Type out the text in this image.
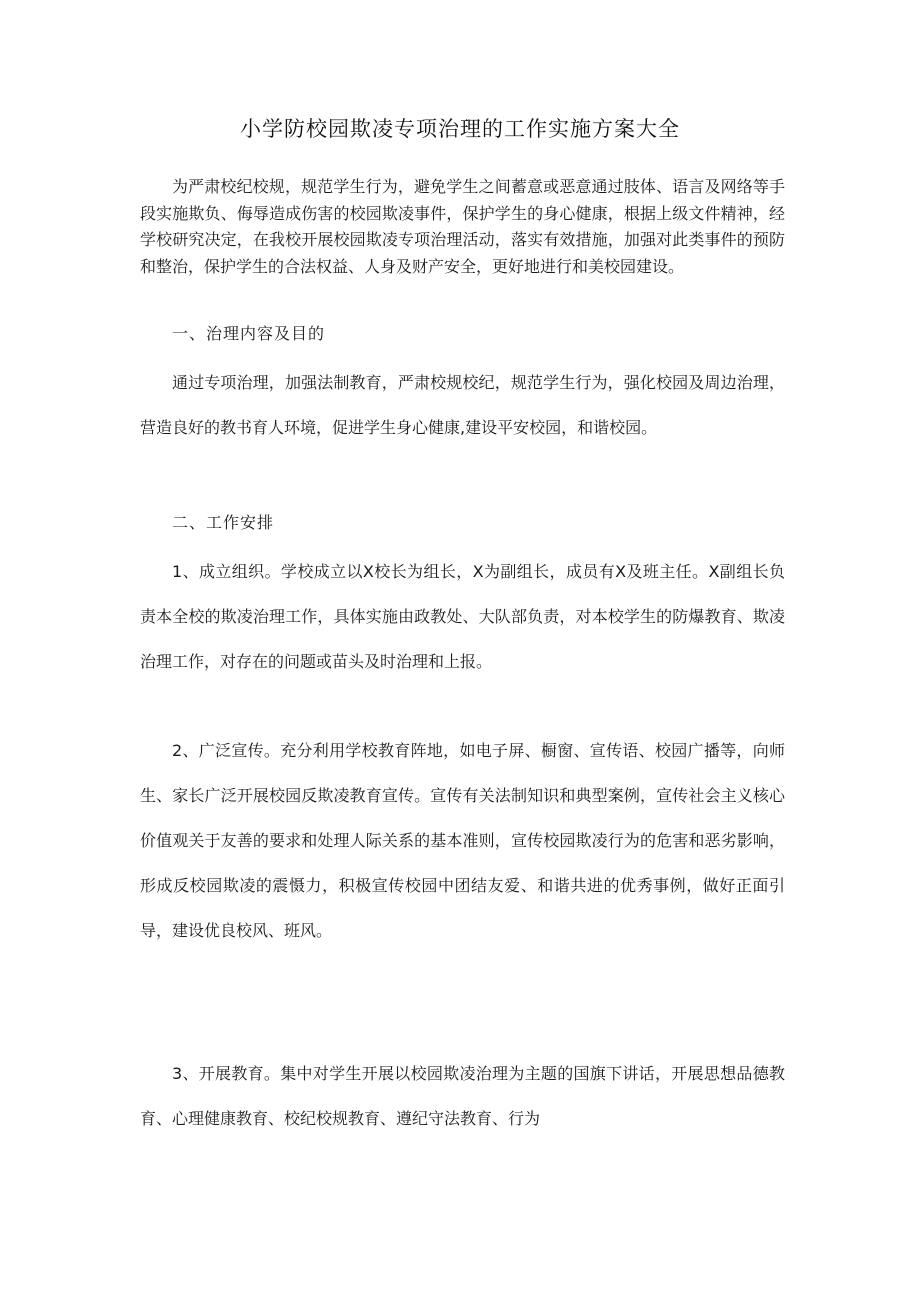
小学防校园欺凌专项治理的工作实施方案大全

为严肃校纪校规，规范学生行为，避免学生之间蓄意或恶意通过肢体、语言及网络等手段实施欺负、侮辱造成伤害的校园欺凌事件，保护学生的身心健康，根据上级文件精神，经学校研究决定，在我校开展校园欺凌专项治理活动，落实有效措施，加强对此类事件的预防和整治，保护学生的合法权益、人身及财产安全，更好地进行和美校园建设。

一、治理内容及目的

通过专项治理，加强法制教育，严肃校规校纪，规范学生行为，强化校园及周边治理，营造良好的教书育人环境，促进学生身心健康,建设平安校园，和谐校园。

二、工作安排

1、成立组织。学校成立以X校长为组长，X为副组长，成员有X及班主任。X副组长负责本全校的欺凌治理工作，具体实施由政教处、大队部负责，对本校学生的防爆教育、欺凌治理工作，对存在的问题或苗头及时治理和上报。

2、广泛宣传。充分利用学校教育阵地，如电子屏、橱窗、宣传语、校园广播等，向师生、家长广泛开展校园反欺凌教育宣传。宣传有关法制知识和典型案例，宣传社会主义核心价值观关于友善的要求和处理人际关系的基本准则，宣传校园欺凌行为的危害和恶劣影响，形成反校园欺凌的震慑力，积极宣传校园中团结友爱、和谐共进的优秀事例，做好正面引导，建设优良校风、班风。

3、开展教育。集中对学生开展以校园欺凌治理为主题的国旗下讲话，开展思想品德教育、心理健康教育、校纪校规教育、遵纪守法教育、行为
